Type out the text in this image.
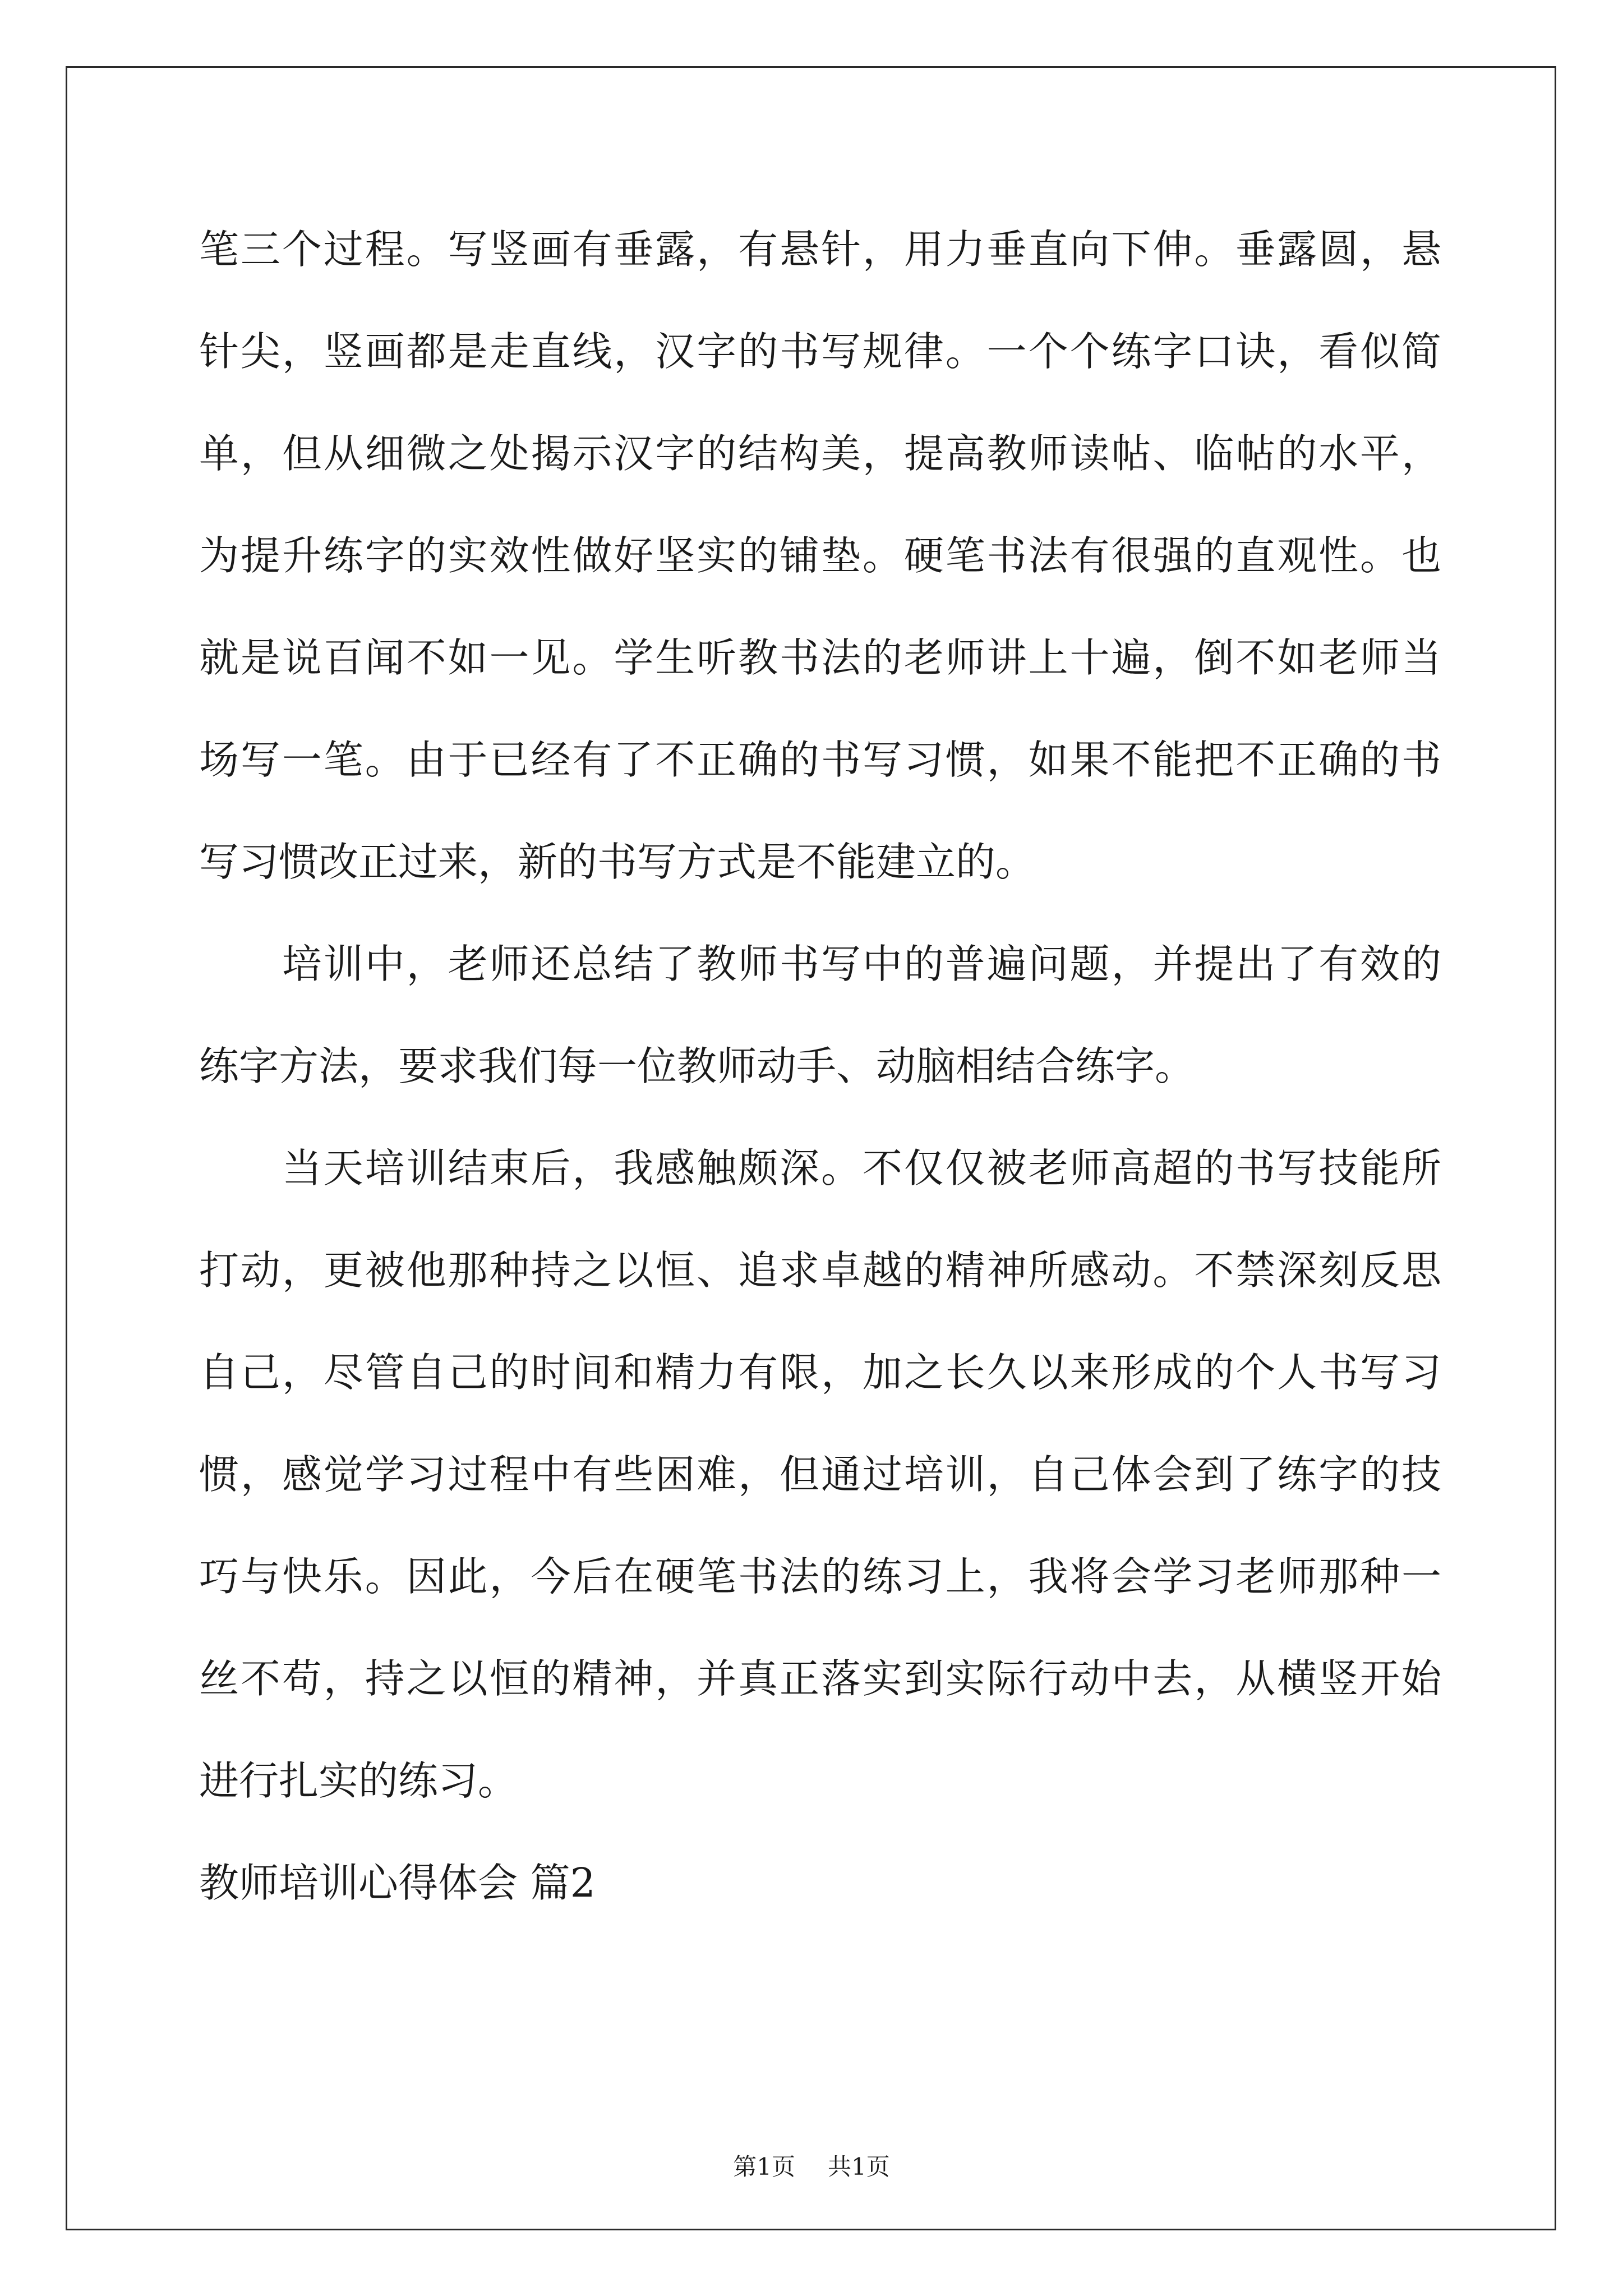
笔三个过程。写竖画有垂露，有悬针，用力垂直向下伸。垂露圆，悬
针尖，竖画都是走直线，汉字的书写规律。一个个练字口诀，看似简
单，但从细微之处揭示汉字的结构美，提高教师读帖、临帖的水平，
为提升练字的实效性做好坚实的铺垫。硬笔书法有很强的直观性。也
就是说百闻不如一见。学生听教书法的老师讲上十遍，倒不如老师当
场写一笔。由于已经有了不正确的书写习惯，如果不能把不正确的书
写习惯改正过来，新的书写方式是不能建立的。
　　培训中，老师还总结了教师书写中的普遍问题，并提出了有效的
练字方法，要求我们每一位教师动手、动脑相结合练字。
　　当天培训结束后，我感触颇深。不仅仅被老师高超的书写技能所
打动，更被他那种持之以恒、追求卓越的精神所感动。不禁深刻反思
自己，尽管自己的时间和精力有限，加之长久以来形成的个人书写习
惯，感觉学习过程中有些困难，但通过培训，自己体会到了练字的技
巧与快乐。因此，今后在硬笔书法的练习上，我将会学习老师那种一
丝不苟，持之以恒的精神，并真正落实到实际行动中去，从横竖开始
进行扎实的练习。
教师培训心得体会 篇2
第1页 共1页
